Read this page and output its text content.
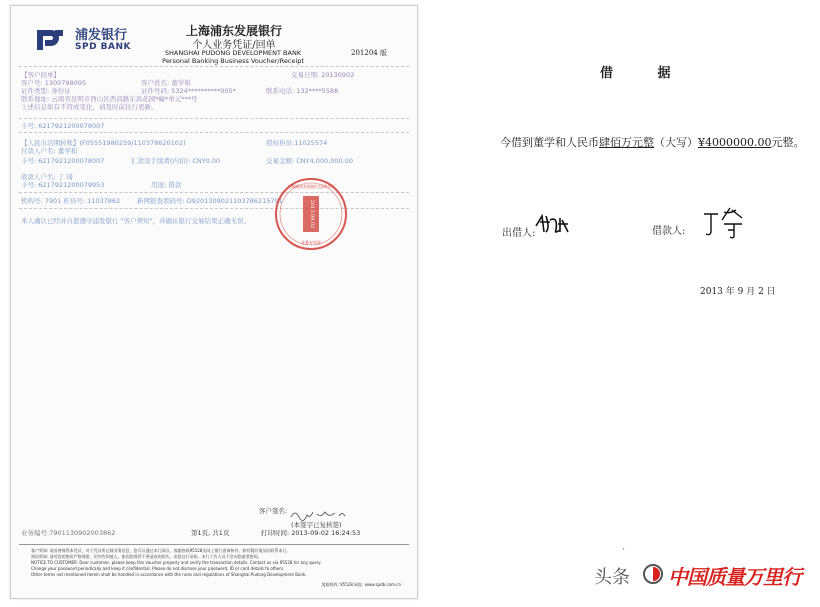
浦发银行
SPD BANK
上海浦东发展银行
个人业务凭证/回单
SHANGHAI PUDONG DEVELOPMENT BANK
Personal Banking Business Voucher/Receipt
201204 版
【客户回单】	交易日期: 20130902
客户号: 1300798095	客户姓名: 董学和
证件类型: 身份证	证件号码: 5324**********005*	联系电话: 132****5588
联系地址: 云南省昆明市西山区西昌路东昌花园*幢*单元***号
上述信息如有不符或变化，请及时前往行更新。
卡号: 6217921200078007
【人民币活期转账】(F05551980259/110378620102)	授权柜员:11025574
付款人户名: 董学和
卡号: 6217921200078007	汇款及手续费(内扣): CNY0.00	交易金额: CNY4,000,000.00
收款人户名: 丁 琦
卡号: 6217921200079953	用途: 借款
机构号: 7901 柜员号: 11037862	新网银查看码号: D9201309021103786215791
本人确认已经并自愿遵守浦发银行 "客户须知"，并确认银行交易结果正确无误。	2013.09.02
上海浦东发展银行昆明分行
业务专用章
客户签名:
(本签字已复核签)
业务编号:7901130902003862	第1页, 共1页	打印时间: 2013-09-02 16:24:53
客户须知: 请妥善保管本凭证，对于凭证所记载业务信息，您可以通过本行网点、客服热线95528及网上银行查询核对。如有疑问请及时联系本行。
密码须知: 请对您的密码严格保密，切勿告知他人。如因您保管不善造成的损失，由您自行承担。本行工作人员不会向您索要密码。
NOTICE TO CUSTOMER: Dear customer, please keep this voucher properly and verify the transaction details. Contact us via 95528 for any query.
Change your password periodically and keep it confidential. Please do not disclose your password, ID or card details to others.
Other terms not mentioned herein shall be handled in accordance with the rules and regulations of Shanghai Pudong Development Bank.
客服热线: 95528 网址: www.spdb.com.cn
借 据
今借到董学和人民币肆佰万元整（大写）¥4000000.00元整。
出借人:	借款人:
2013 年 9 月 2 日
'
头条 中国质量万里行
